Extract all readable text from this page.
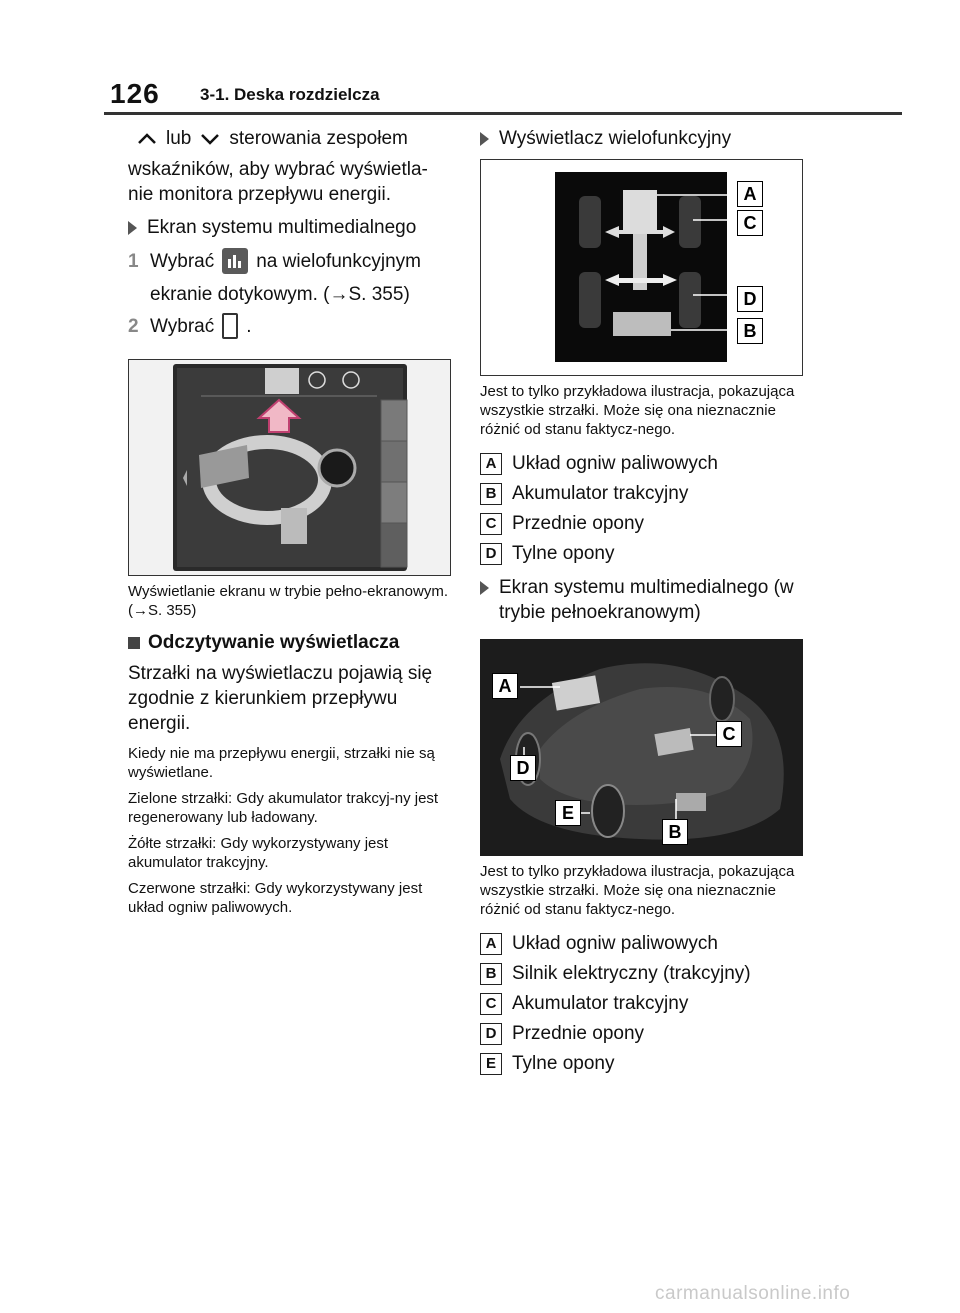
126 3-1. Deska rozdzielcza
lub sterowania zespołem
wskaźników, aby wybrać wyświetla-nie monitora przepływu energii.
Ekran systemu multimedialnego
1 Wybrać na wielofunkcyjnym
ekranie dotykowym. (→S. 355)
2 Wybrać .
Wyświetlanie ekranu w trybie pełno-ekranowym. (→S. 355)
Odczytywanie wyświetlacza
Strzałki na wyświetlaczu pojawią się zgodnie z kierunkiem przepływu energii.
Kiedy nie ma przepływu energii, strzałki nie są wyświetlane.
Zielone strzałki: Gdy akumulator trakcyj-ny jest regenerowany lub ładowany.
Żółte strzałki: Gdy wykorzystywany jest akumulator trakcyjny.
Czerwone strzałki: Gdy wykorzystywany jest układ ogniw paliwowych.
Wyświetlacz wielofunkcyjny
A
C
D
B
Jest to tylko przykładowa ilustracja, pokazująca wszystkie strzałki. Może się ona nieznacznie różnić od stanu faktycz-nego.
A Układ ogniw paliwowych
B Akumulator trakcyjny
C Przednie opony
D Tylne opony
Ekran systemu multimedialnego (w trybie pełnoekranowym)
A
C
D
E
B
Jest to tylko przykładowa ilustracja, pokazująca wszystkie strzałki. Może się ona nieznacznie różnić od stanu faktycz-nego.
A Układ ogniw paliwowych
B Silnik elektryczny (trakcyjny)
C Akumulator trakcyjny
D Przednie opony
E Tylne opony
carmanualsonline.info
